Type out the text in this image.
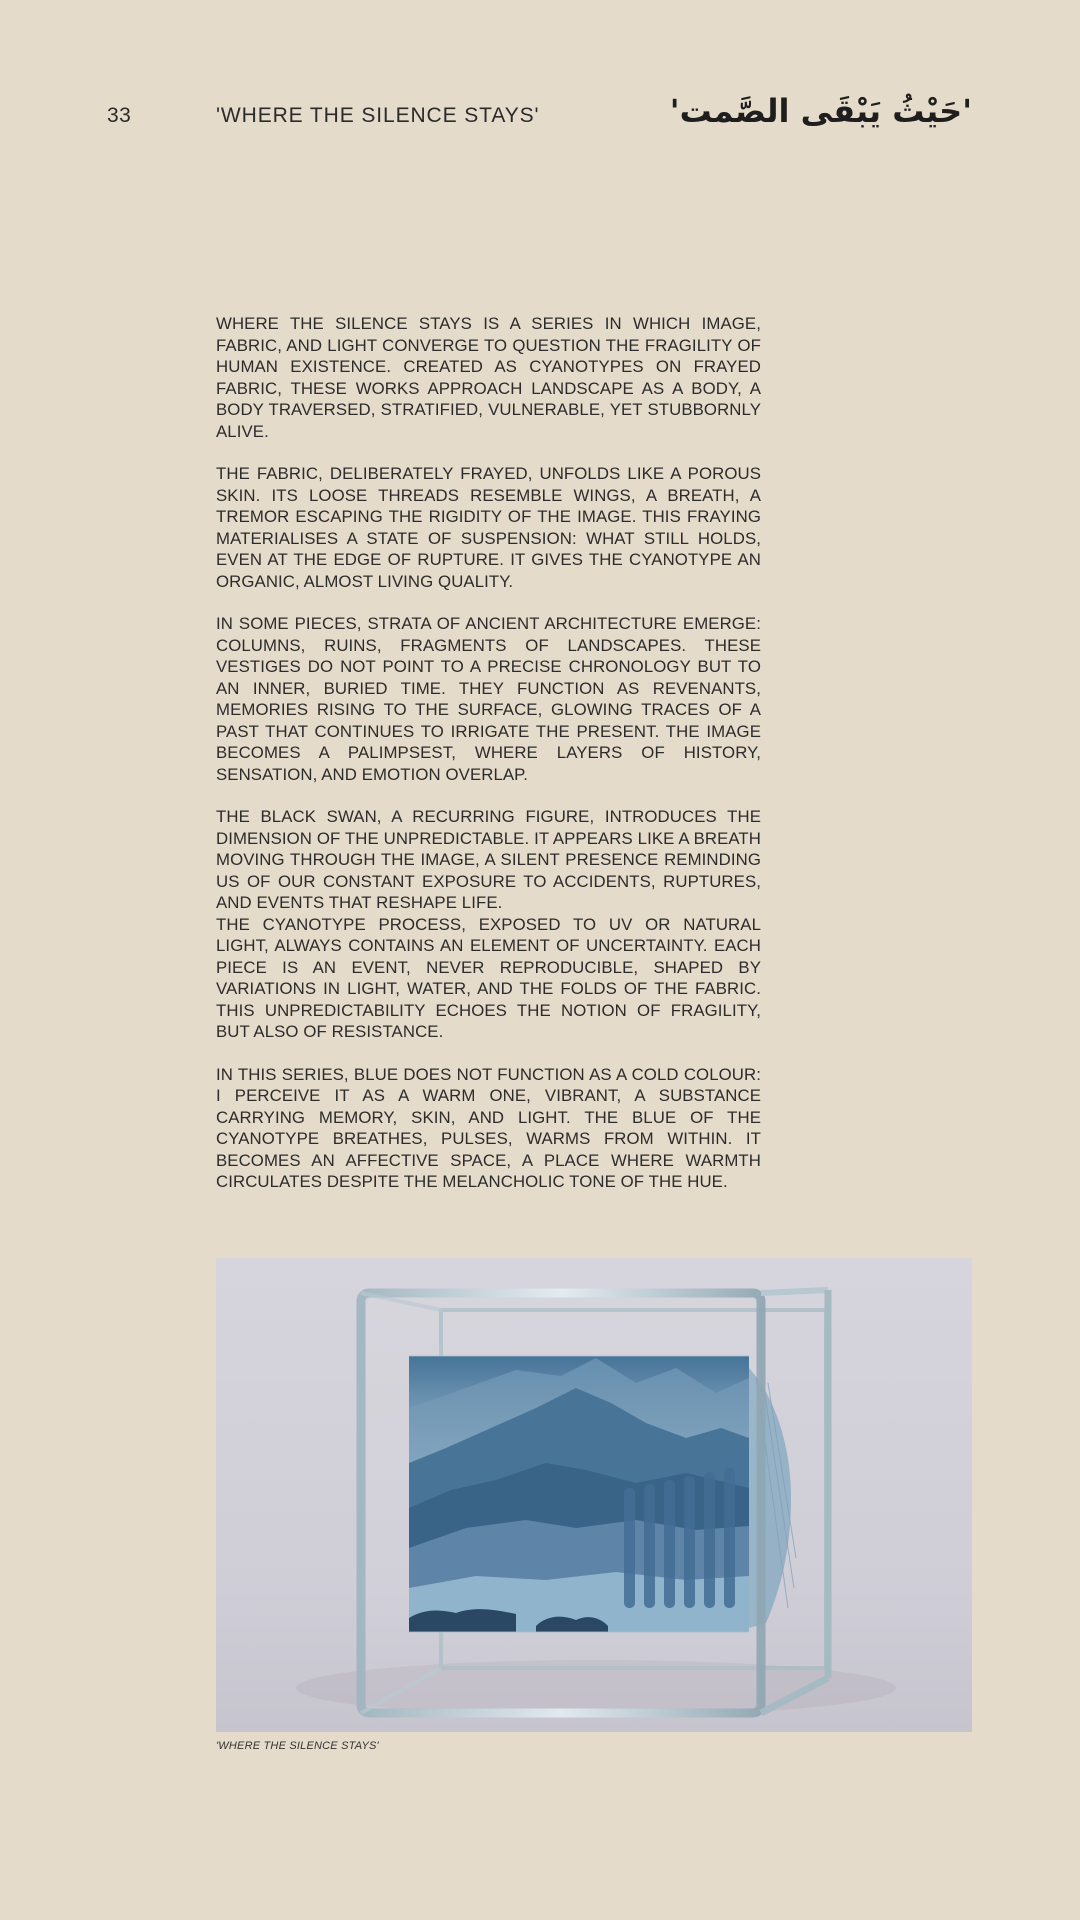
33	'WHERE THE SILENCE STAYS'	'حَيْثُ يَبْقَى الصَّمت'

WHERE THE SILENCE STAYS IS A SERIES IN WHICH IMAGE, FABRIC, AND LIGHT CONVERGE TO QUESTION THE FRAGILITY OF HUMAN EXISTENCE. CREATED AS CYANOTYPES ON FRAYED FABRIC, THESE WORKS APPROACH LANDSCAPE AS A BODY, A BODY TRAVERSED, STRATIFIED, VULNERABLE, YET STUBBORNLY ALIVE.

THE FABRIC, DELIBERATELY FRAYED, UNFOLDS LIKE A POROUS SKIN. ITS LOOSE THREADS RESEMBLE WINGS, A BREATH, A TREMOR ESCAPING THE RIGIDITY OF THE IMAGE. THIS FRAYING MATERIALISES A STATE OF SUSPENSION: WHAT STILL HOLDS, EVEN AT THE EDGE OF RUPTURE. IT GIVES THE CYANOTYPE AN ORGANIC, ALMOST LIVING QUALITY.

IN SOME PIECES, STRATA OF ANCIENT ARCHITECTURE EMERGE: COLUMNS, RUINS, FRAGMENTS OF LANDSCAPES. THESE VESTIGES DO NOT POINT TO A PRECISE CHRONOLOGY BUT TO AN INNER, BURIED TIME. THEY FUNCTION AS REVENANTS, MEMORIES RISING TO THE SURFACE, GLOWING TRACES OF A PAST THAT CONTINUES TO IRRIGATE THE PRESENT. THE IMAGE BECOMES A PALIMPSEST, WHERE LAYERS OF HISTORY, SENSATION, AND EMOTION OVERLAP.

THE BLACK SWAN, A RECURRING FIGURE, INTRODUCES THE DIMENSION OF THE UNPREDICTABLE. IT APPEARS LIKE A BREATH MOVING THROUGH THE IMAGE, A SILENT PRESENCE REMINDING US OF OUR CONSTANT EXPOSURE TO ACCIDENTS, RUPTURES, AND EVENTS THAT RESHAPE LIFE.

THE CYANOTYPE PROCESS, EXPOSED TO UV OR NATURAL LIGHT, ALWAYS CONTAINS AN ELEMENT OF UNCERTAINTY. EACH PIECE IS AN EVENT, NEVER REPRODUCIBLE, SHAPED BY VARIATIONS IN LIGHT, WATER, AND THE FOLDS OF THE FABRIC. THIS UNPREDICTABILITY ECHOES THE NOTION OF FRAGILITY, BUT ALSO OF RESISTANCE.

IN THIS SERIES, BLUE DOES NOT FUNCTION AS A COLD COLOUR: I PERCEIVE IT AS A WARM ONE, VIBRANT, A SUBSTANCE CARRYING MEMORY, SKIN, AND LIGHT. THE BLUE OF THE CYANOTYPE BREATHES, PULSES, WARMS FROM WITHIN. IT BECOMES AN AFFECTIVE SPACE, A PLACE WHERE WARMTH CIRCULATES DESPITE THE MELANCHOLIC TONE OF THE HUE.

'WHERE THE SILENCE STAYS'
